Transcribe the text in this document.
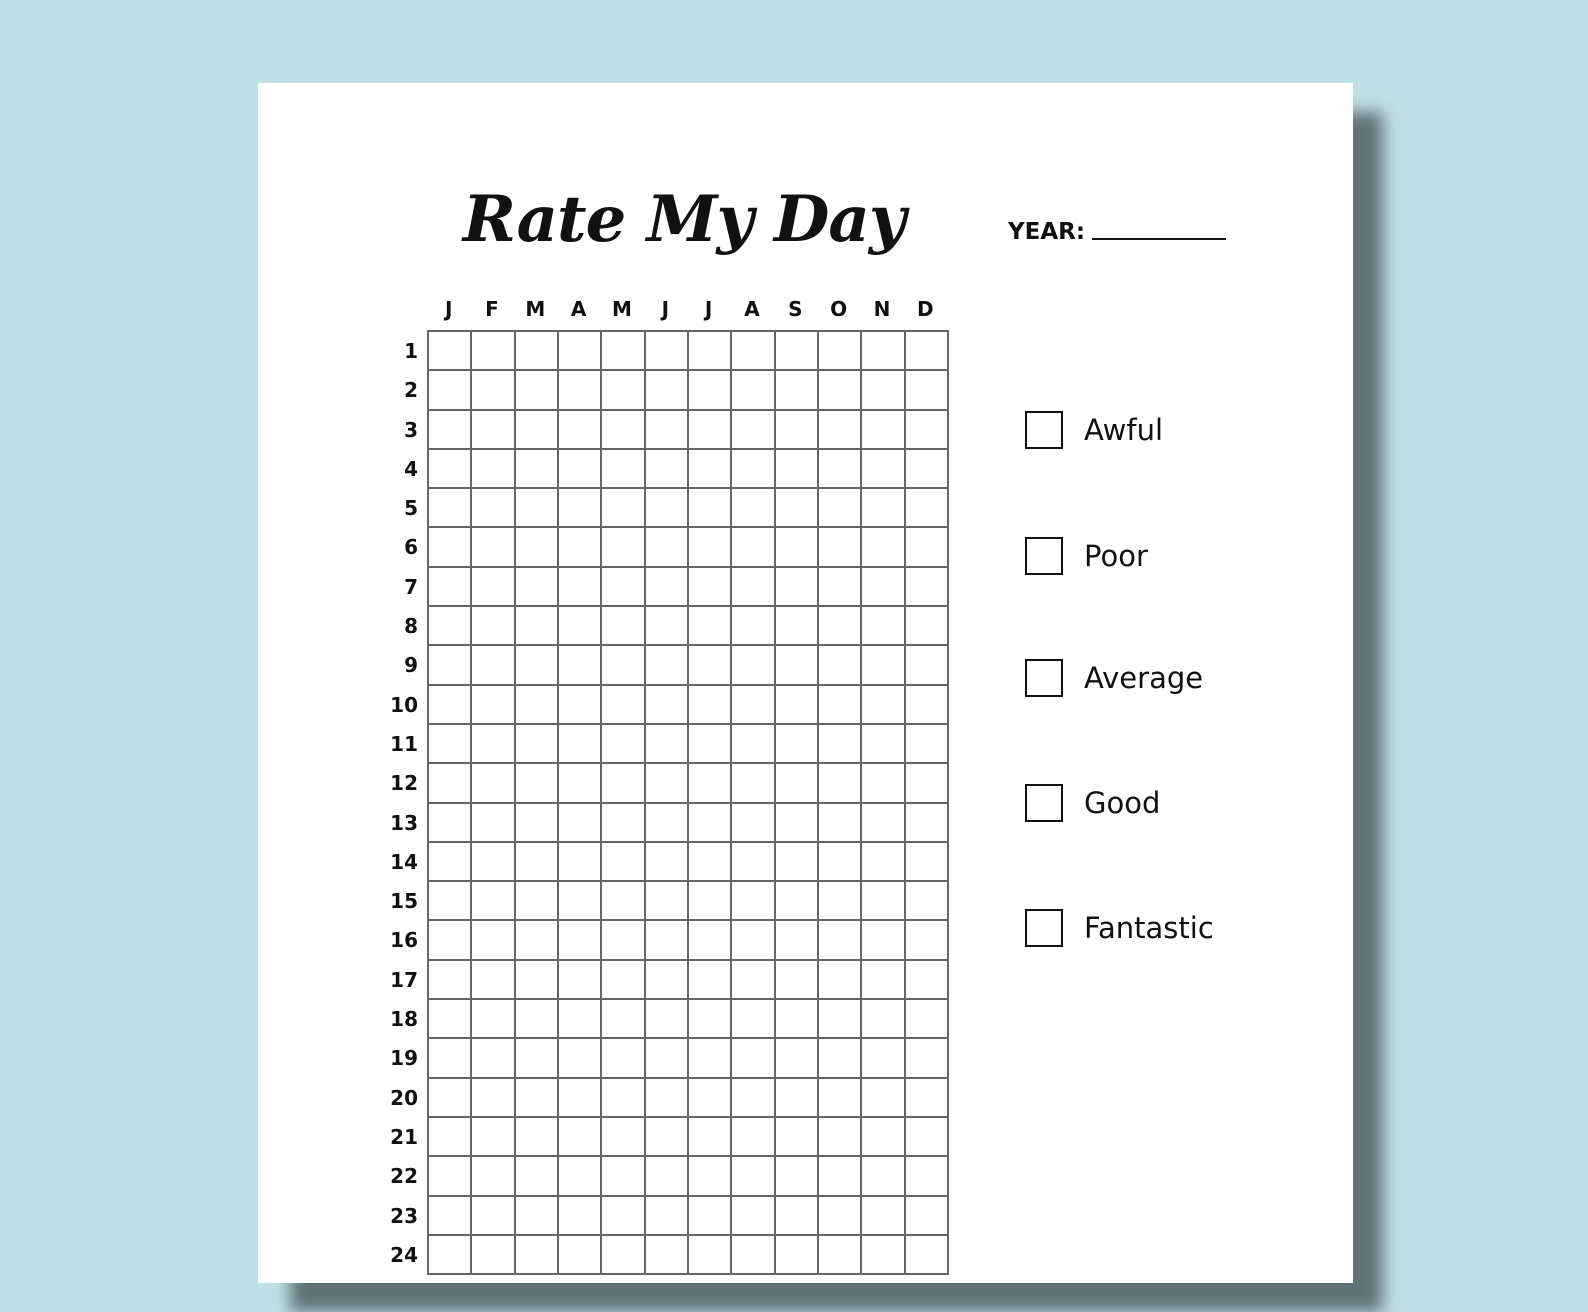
Rate My Day	YEAR:
J	F	M	A	M	J	J	A	S	O	N	D
1
2
3
4
5
6
7
8
9
10
11
12
13
14
15
16
17
18
19
20
21
22
23
24
Awful
Poor
Average
Good
Fantastic
